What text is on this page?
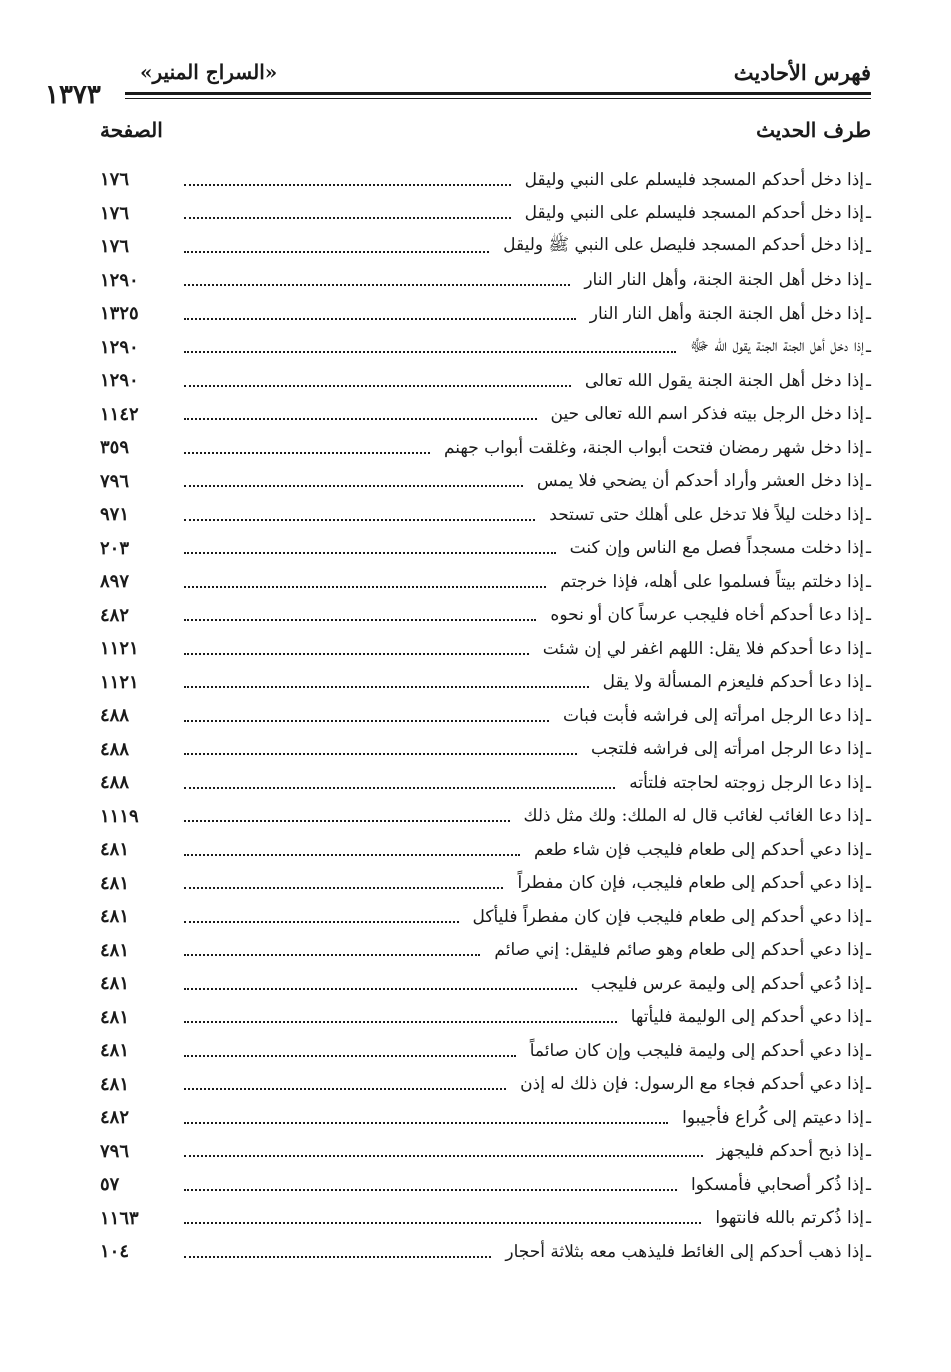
فهرس الأحاديث
«السراج المنير»
١٣٧٣
طرف الحديث
الصفحة
ـ
إذا دخل أحدكم المسجد فليسلم على النبي وليقل
١٧٦
ـ
إذا دخل أحدكم المسجد فليسلم على النبي وليقل
١٧٦
ـ
إذا دخل أحدكم المسجد فليصل على النبي ﷺ وليقل
١٧٦
ـ
إذا دخل أهل الجنة الجنة، وأهل النار النار
١٢٩٠
ـ
إذا دخل أهل الجنة الجنة وأهل النار النار
١٣٢٥
ـ
إذا دخل أهل الجنة الجنة يقول الله ﷻ
١٢٩٠
ـ
إذا دخل أهل الجنة الجنة يقول الله تعالى
١٢٩٠
ـ
إذا دخل الرجل بيته فذكر اسم الله تعالى حين
١١٤٢
ـ
إذا دخل شهر رمضان فتحت أبواب الجنة، وغلقت أبواب جهنم
٣٥٩
ـ
إذا دخل العشر وأراد أحدكم أن يضحي فلا يمس
٧٩٦
ـ
إذا دخلت ليلاً فلا تدخل على أهلك حتى تستحد
٩٧١
ـ
إذا دخلت مسجداً فصل مع الناس وإن كنت
٢٠٣
ـ
إذا دخلتم بيتاً فسلموا على أهله، فإذا خرجتم
٨٩٧
ـ
إذا دعا أحدكم أخاه فليجب عرساً كان أو نحوه
٤٨٢
ـ
إذا دعا أحدكم فلا يقل: اللهم اغفر لي إن شئت
١١٢١
ـ
إذا دعا أحدكم فليعزم المسألة ولا يقل
١١٢١
ـ
إذا دعا الرجل امرأته إلى فراشه فأبت فبات
٤٨٨
ـ
إذا دعا الرجل امرأته إلى فراشه فلتجب
٤٨٨
ـ
إذا دعا الرجل زوجته لحاجته فلتأته
٤٨٨
ـ
إذا دعا الغائب لغائب قال له الملك: ولك مثل ذلك
١١١٩
ـ
إذا دعي أحدكم إلى طعام فليجب فإن شاء طعم
٤٨١
ـ
إذا دعي أحدكم إلى طعام فليجب، فإن كان مفطراً
٤٨١
ـ
إذا دعي أحدكم إلى طعام فليجب فإن كان مفطراً فليأكل
٤٨١
ـ
إذا دعي أحدكم إلى طعام وهو صائم فليقل: إني صائم
٤٨١
ـ
إذا دُعي أحدكم إلى وليمة عرس فليجب
٤٨١
ـ
إذا دعي أحدكم إلى الوليمة فليأتها
٤٨١
ـ
إذا دعي أحدكم إلى وليمة فليجب وإن كان صائماً
٤٨١
ـ
إذا دعي أحدكم فجاء مع الرسول: فإن ذلك له إذن
٤٨١
ـ
إذا دعيتم إلى كُراع فأجيبوا
٤٨٢
ـ
إذا ذبح أحدكم فليجهز
٧٩٦
ـ
إذا ذُكر أصحابي فأمسكوا
٥٧
ـ
إذا ذُكرتم بالله فانتهوا
١١٦٣
ـ
إذا ذهب أحدكم إلى الغائط فليذهب معه بثلاثة أحجار
١٠٤
